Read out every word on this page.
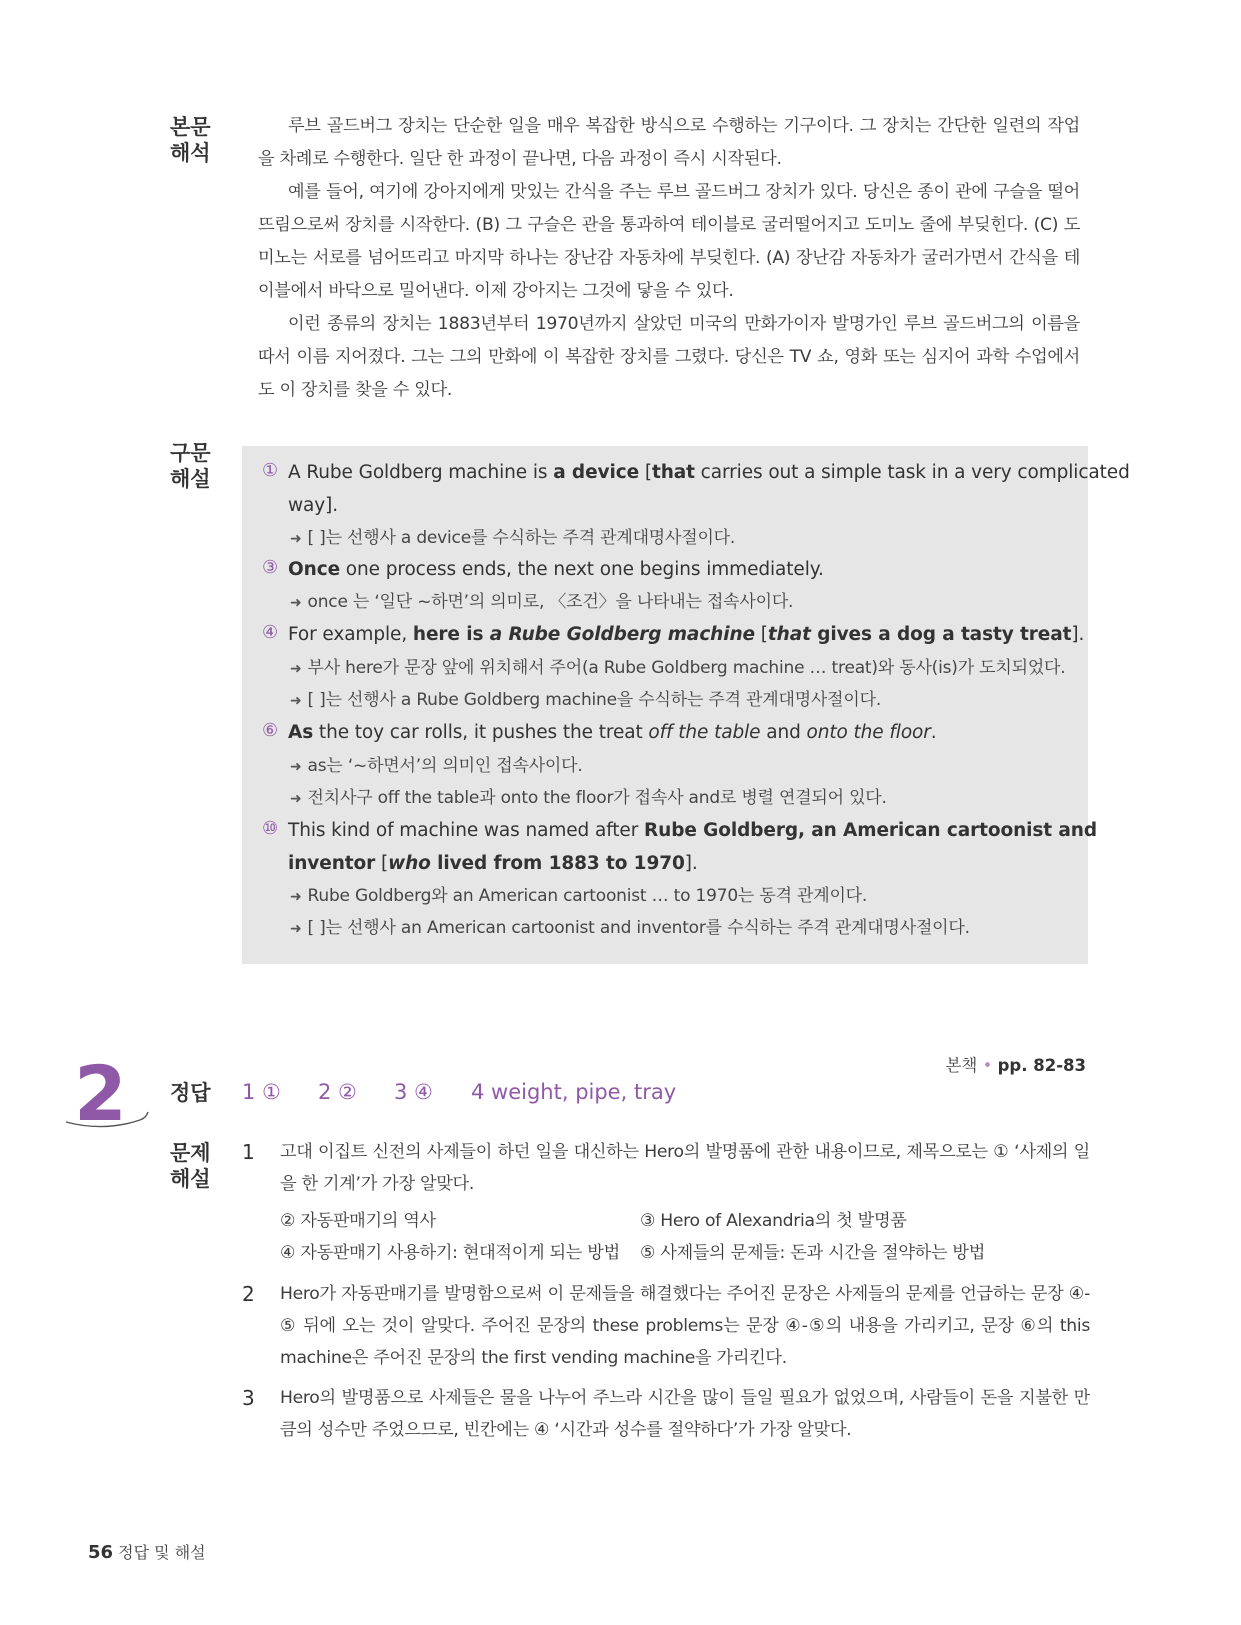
본문
해석

루브 골드버그 장치는 단순한 일을 매우 복잡한 방식으로 수행하는 기구이다. 그 장치는 간단한 일련의 작업을 차례로 수행한다. 일단 한 과정이 끝나면, 다음 과정이 즉시 시작된다.

예를 들어, 여기에 강아지에게 맛있는 간식을 주는 루브 골드버그 장치가 있다. 당신은 종이 관에 구슬을 떨어뜨림으로써 장치를 시작한다. (B) 그 구슬은 관을 통과하여 테이블로 굴러떨어지고 도미노 줄에 부딪힌다. (C) 도미노는 서로를 넘어뜨리고 마지막 하나는 장난감 자동차에 부딪힌다. (A) 장난감 자동차가 굴러가면서 간식을 테이블에서 바닥으로 밀어낸다. 이제 강아지는 그것에 닿을 수 있다.

이런 종류의 장치는 1883년부터 1970년까지 살았던 미국의 만화가이자 발명가인 루브 골드버그의 이름을 따서 이름 지어졌다. 그는 그의 만화에 이 복잡한 장치를 그렸다. 당신은 TV 쇼, 영화 또는 심지어 과학 수업에서도 이 장치를 찾을 수 있다.

구문
해설	① A Rube Goldberg machine is a device [that carries out a simple task in a very complicated
way].
➜ [ ]는 선행사 a device를 수식하는 주격 관계대명사절이다.
③ Once one process ends, the next one begins immediately.
➜ once 는 ‘일단 ~하면’의 의미로, 〈조건〉을 나타내는 접속사이다.
④ For example, here is a Rube Goldberg machine [that gives a dog a tasty treat].
➜ 부사 here가 문장 앞에 위치해서 주어(a Rube Goldberg machine … treat)와 동사(is)가 도치되었다.
➜ [ ]는 선행사 a Rube Goldberg machine을 수식하는 주격 관계대명사절이다.
⑥ As the toy car rolls, it pushes the treat off the table and onto the floor.
➜ as는 ‘~하면서’의 의미인 접속사이다.
➜ 전치사구 off the table과 onto the floor가 접속사 and로 병렬 연결되어 있다.
⑩ This kind of machine was named after Rube Goldberg, an American cartoonist and
inventor [who lived from 1883 to 1970].
➜ Rube Goldberg와 an American cartoonist … to 1970는 동격 관계이다.
➜ [ ]는 선행사 an American cartoonist and inventor를 수식하는 주격 관계대명사절이다.
2	본책 • pp. 82-83
정답	1 ① 2 ② 3 ④ 4 weight, pipe, tray
문제
해설
1 고대 이집트 신전의 사제들이 하던 일을 대신하는 Hero의 발명품에 관한 내용이므로, 제목으로는 ① ‘사제의 일을 한 기계’가 가장 알맞다.

② 자동판매기의 역사	③ Hero of Alexandria의 첫 발명품
④ 자동판매기 사용하기: 현대적이게 되는 방법 ⑤ 사제들의 문제들: 돈과 시간을 절약하는 방법
2 Hero가 자동판매기를 발명함으로써 이 문제들을 해결했다는 주어진 문장은 사제들의 문제를 언급하는 문장 ④-⑤ 뒤에 오는 것이 알맞다. 주어진 문장의 these problems는 문장 ④-⑤의 내용을 가리키고, 문장 ⑥의 this machine은 주어진 문장의 the first vending machine을 가리킨다.

3 Hero의 발명품으로 사제들은 물을 나누어 주느라 시간을 많이 들일 필요가 없었으며, 사람들이 돈을 지불한 만큼의 성수만 주었으므로, 빈칸에는 ④ ‘시간과 성수를 절약하다’가 가장 알맞다.

56 정답 및 해설
